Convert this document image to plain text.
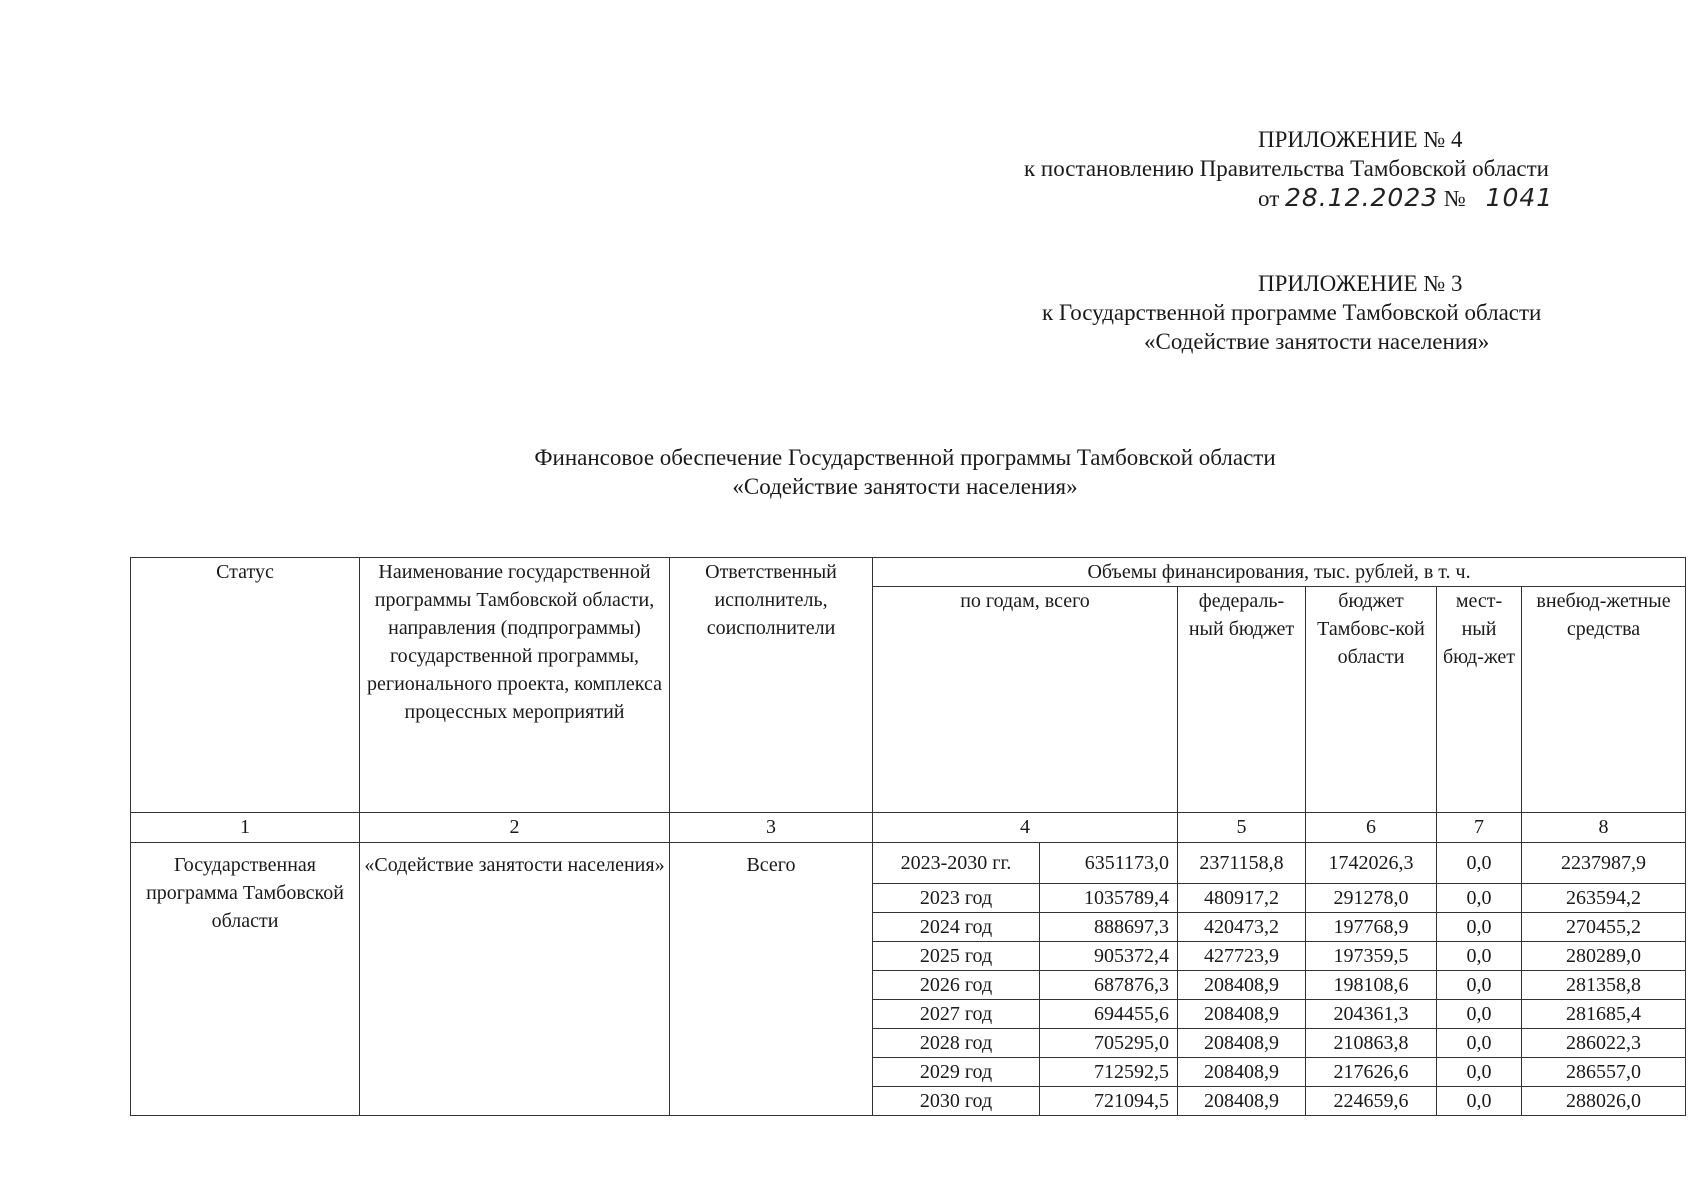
ПРИЛОЖЕНИЕ № 4
к постановлению Правительства Тамбовской области
от 28.12.2023 № 1041
ПРИЛОЖЕНИЕ № 3
к Государственной программе Тамбовской области
«Содействие занятости населения»
Финансовое обеспечение Государственной программы Тамбовской области
«Содействие занятости населения»
Статус	Наименование государственной программы Тамбовской области, направления (подпрограммы) государственной программы, регионального проекта, комплекса процессных мероприятий	Ответственный исполнитель, соисполнители	Объемы финансирования, тыс. рублей, в т. ч.					
			по годам, всего		федераль-ный бюджет	бюджет Тамбовс-кой области	мест-ный бюд-жет	внебюд-жетные средства
1	2	3	4		5	6	7	8
Государственная программа Тамбовской области	«Содействие занятости населения»	Всего	2023-2030 гг.	6351173,0	2371158,8	1742026,3	0,0	2237987,9
			2023 год	1035789,4	480917,2	291278,0	0,0	263594,2
			2024 год	888697,3	420473,2	197768,9	0,0	270455,2
			2025 год	905372,4	427723,9	197359,5	0,0	280289,0
			2026 год	687876,3	208408,9	198108,6	0,0	281358,8
			2027 год	694455,6	208408,9	204361,3	0,0	281685,4
			2028 год	705295,0	208408,9	210863,8	0,0	286022,3
			2029 год	712592,5	208408,9	217626,6	0,0	286557,0
			2030 год	721094,5	208408,9	224659,6	0,0	288026,0
